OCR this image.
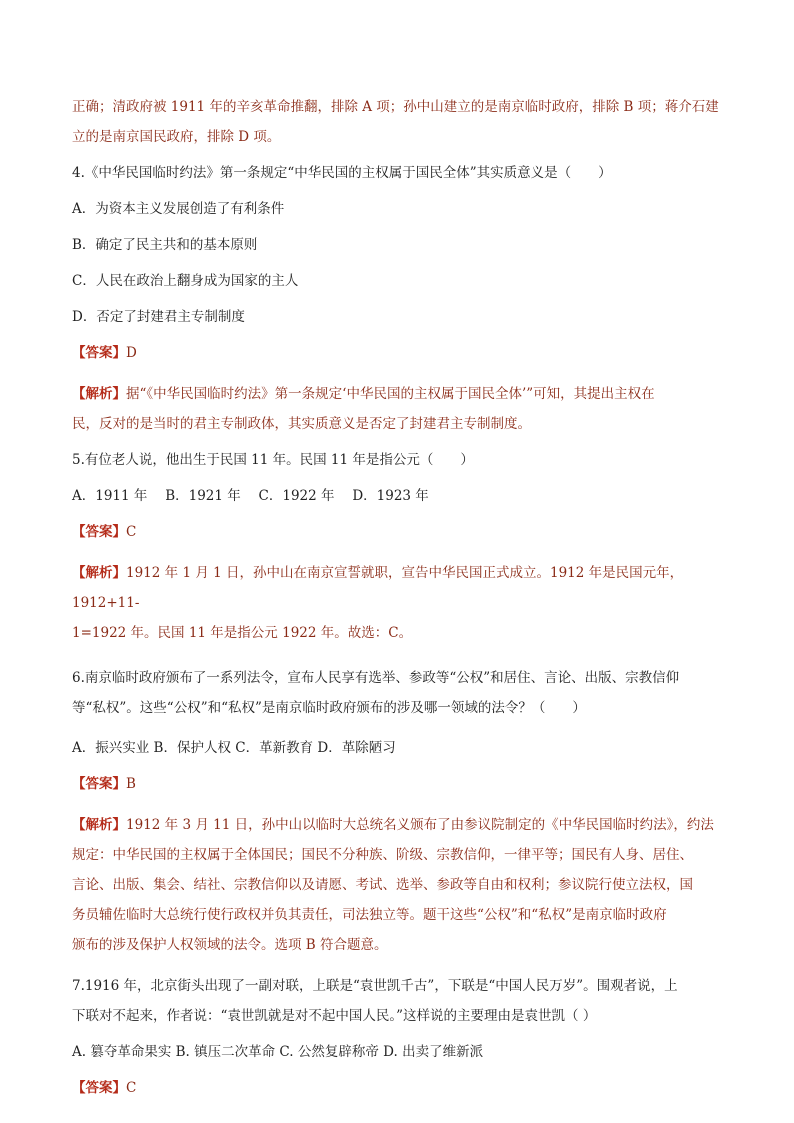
正确；清政府被 1911 年的辛亥革命推翻，排除 A 项；孙中山建立的是南京临时政府，排除 B 项；蒋介石建

立的是南京国民政府，排除 D 项。

4.《中华民国临时约法》第一条规定“中华民国的主权属于国民全体”其实质意义是（　　）

A．为资本主义发展创造了有利条件

B．确定了民主共和的基本原则

C．人民在政治上翻身成为国家的主人

D．否定了封建君主专制制度

【答案】D

【解析】据“《中华民国临时约法》第一条规定‘中华民国的主权属于国民全体’”可知，其提出主权在

民，反对的是当时的君主专制政体，其实质意义是否定了封建君主专制制度。

5.有位老人说，他出生于民国 11 年。民国 11 年是指公元（　　）

A．1911 年　 B．1921 年　 C．1922 年　 D．1923 年

【答案】C

【解析】1912 年 1 月 1 日，孙中山在南京宣誓就职，宣告中华民国正式成立。1912 年是民国元年，1912+11-

1=1922 年。民国 11 年是指公元 1922 年。故选：C。

6.南京临时政府颁布了一系列法令，宣布人民享有选举、参政等“公权”和居住、言论、出版、宗教信仰

等“私权”。这些“公权”和“私权”是南京临时政府颁布的涉及哪一领域的法令？（　　）

A．振兴实业 B．保护人权 C．革新教育 D．革除陋习

【答案】B

【解析】1912 年 3 月 11 日，孙中山以临时大总统名义颁布了由参议院制定的《中华民国临时约法》，约法

规定：中华民国的主权属于全体国民；国民不分种族、阶级、宗教信仰，一律平等；国民有人身、居住、

言论、出版、集会、结社、宗教信仰以及请愿、考试、选举、参政等自由和权利；参议院行使立法权，国

务员辅佐临时大总统行使行政权并负其责任，司法独立等。题干这些“公权”和“私权”是南京临时政府

颁布的涉及保护人权领域的法令。选项 B 符合题意。

7.1916 年，北京街头出现了一副对联，上联是“袁世凯千古”，下联是“中国人民万岁”。围观者说，上

下联对不起来，作者说：“袁世凯就是对不起中国人民。”这样说的主要理由是袁世凯（ ）

A. 篡夺革命果实 B. 镇压二次革命 C. 公然复辟称帝 D. 出卖了维新派

【答案】C
